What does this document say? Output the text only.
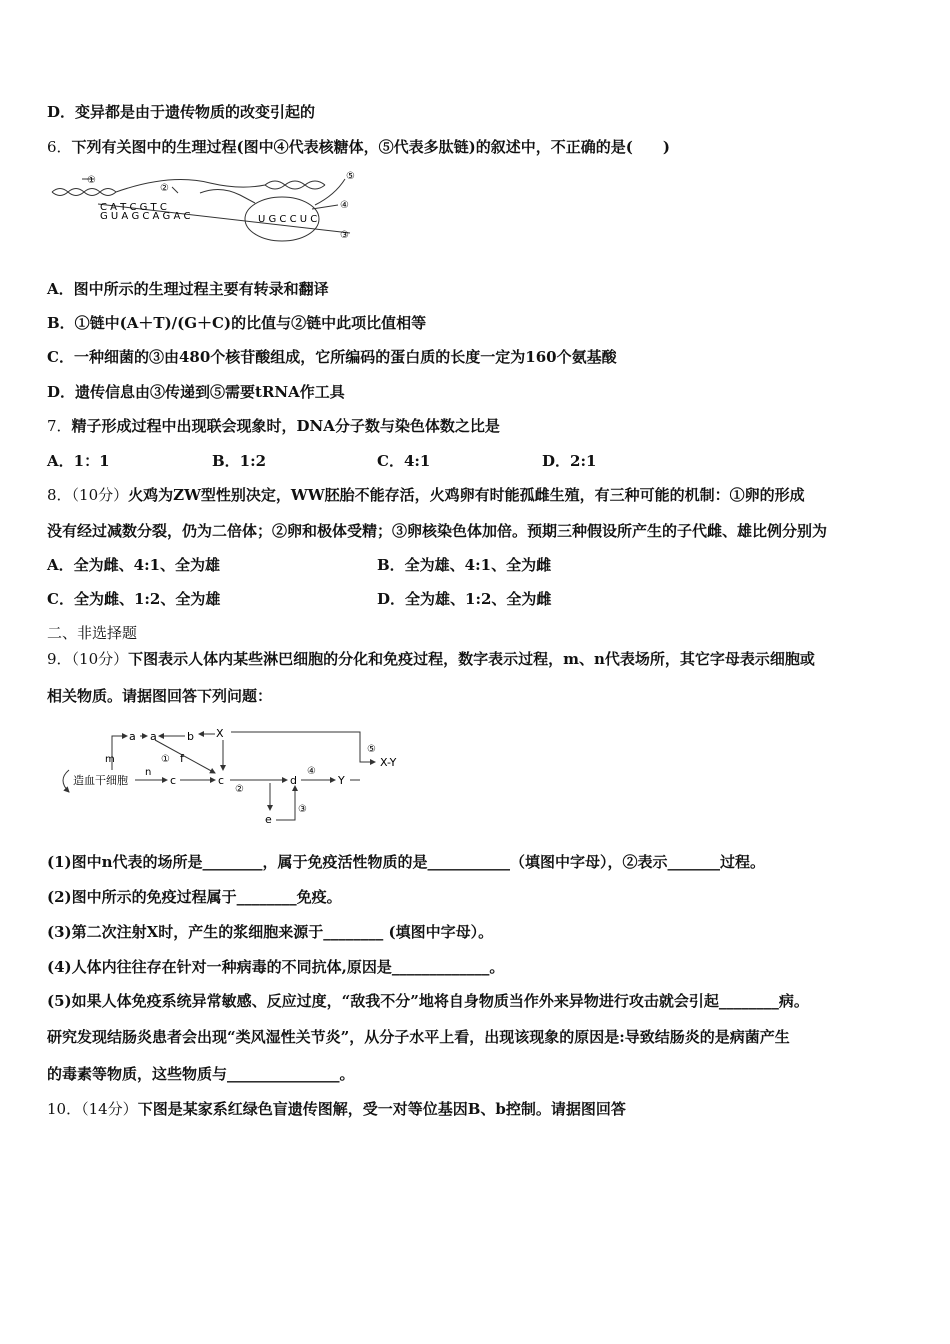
D．变异都是由于遗传物质的改变引起的
6．下列有关图中的生理过程(图中④代表核糖体，⑤代表多肽链)的叙述中，不正确的是(　　)
①
②
⑤
④
③
C A T C G T C
G U A G C A G A C	U G C C U C
A．图中所示的生理过程主要有转录和翻译
B．①链中(A＋T)/(G＋C)的比值与②链中此项比值相等
C．一种细菌的③由480个核苷酸组成，它所编码的蛋白质的长度一定为160个氨基酸
D．遗传信息由③传递到⑤需要tRNA作工具
7．精子形成过程中出现联会现象时，DNA分子数与染色体数之比是
A．1：1	B．1:2	C．4:1	D．2:1
8．（10分）火鸡为ZW型性别决定，WW胚胎不能存活，火鸡卵有时能孤雌生殖，有三种可能的机制：①卵的形成
没有经过减数分裂，仍为二倍体；②卵和极体受精；③卵核染色体加倍。预期三种假设所产生的子代雌、雄比例分别为
A．全为雌、4:1、全为雄	B．全为雄、4:1、全为雌
C．全为雌、1:2、全为雄	D．全为雄、1:2、全为雌
二、非选择题
9．（10分）下图表示人体内某些淋巴细胞的分化和免疫过程，数字表示过程，m、n代表场所，其它字母表示细胞或
相关物质。请据图回答下列问题：
m
n
a a	b X
f
①
造血干细胞	c	c
②
d
④
Y
e
③
⑤
X-Y
(1)图中n代表的场所是________，属于免疫活性物质的是___________（填图中字母），②表示_______过程。
(2)图中所示的免疫过程属于________免疫。
(3)第二次注射X时，产生的浆细胞来源于________ (填图中字母）。
(4)人体内往往存在针对一种病毒的不同抗体,原因是_____________。
(5)如果人体免疫系统异常敏感、反应过度，“敌我不分”地将自身物质当作外来异物进行攻击就会引起________病。
研究发现结肠炎患者会出现“类风湿性关节炎”，从分子水平上看，出现该现象的原因是:导致结肠炎的是病菌产生
的毒素等物质，这些物质与_______________。
10．（14分）下图是某家系红绿色盲遗传图解，受一对等位基因B、b控制。请据图回答
